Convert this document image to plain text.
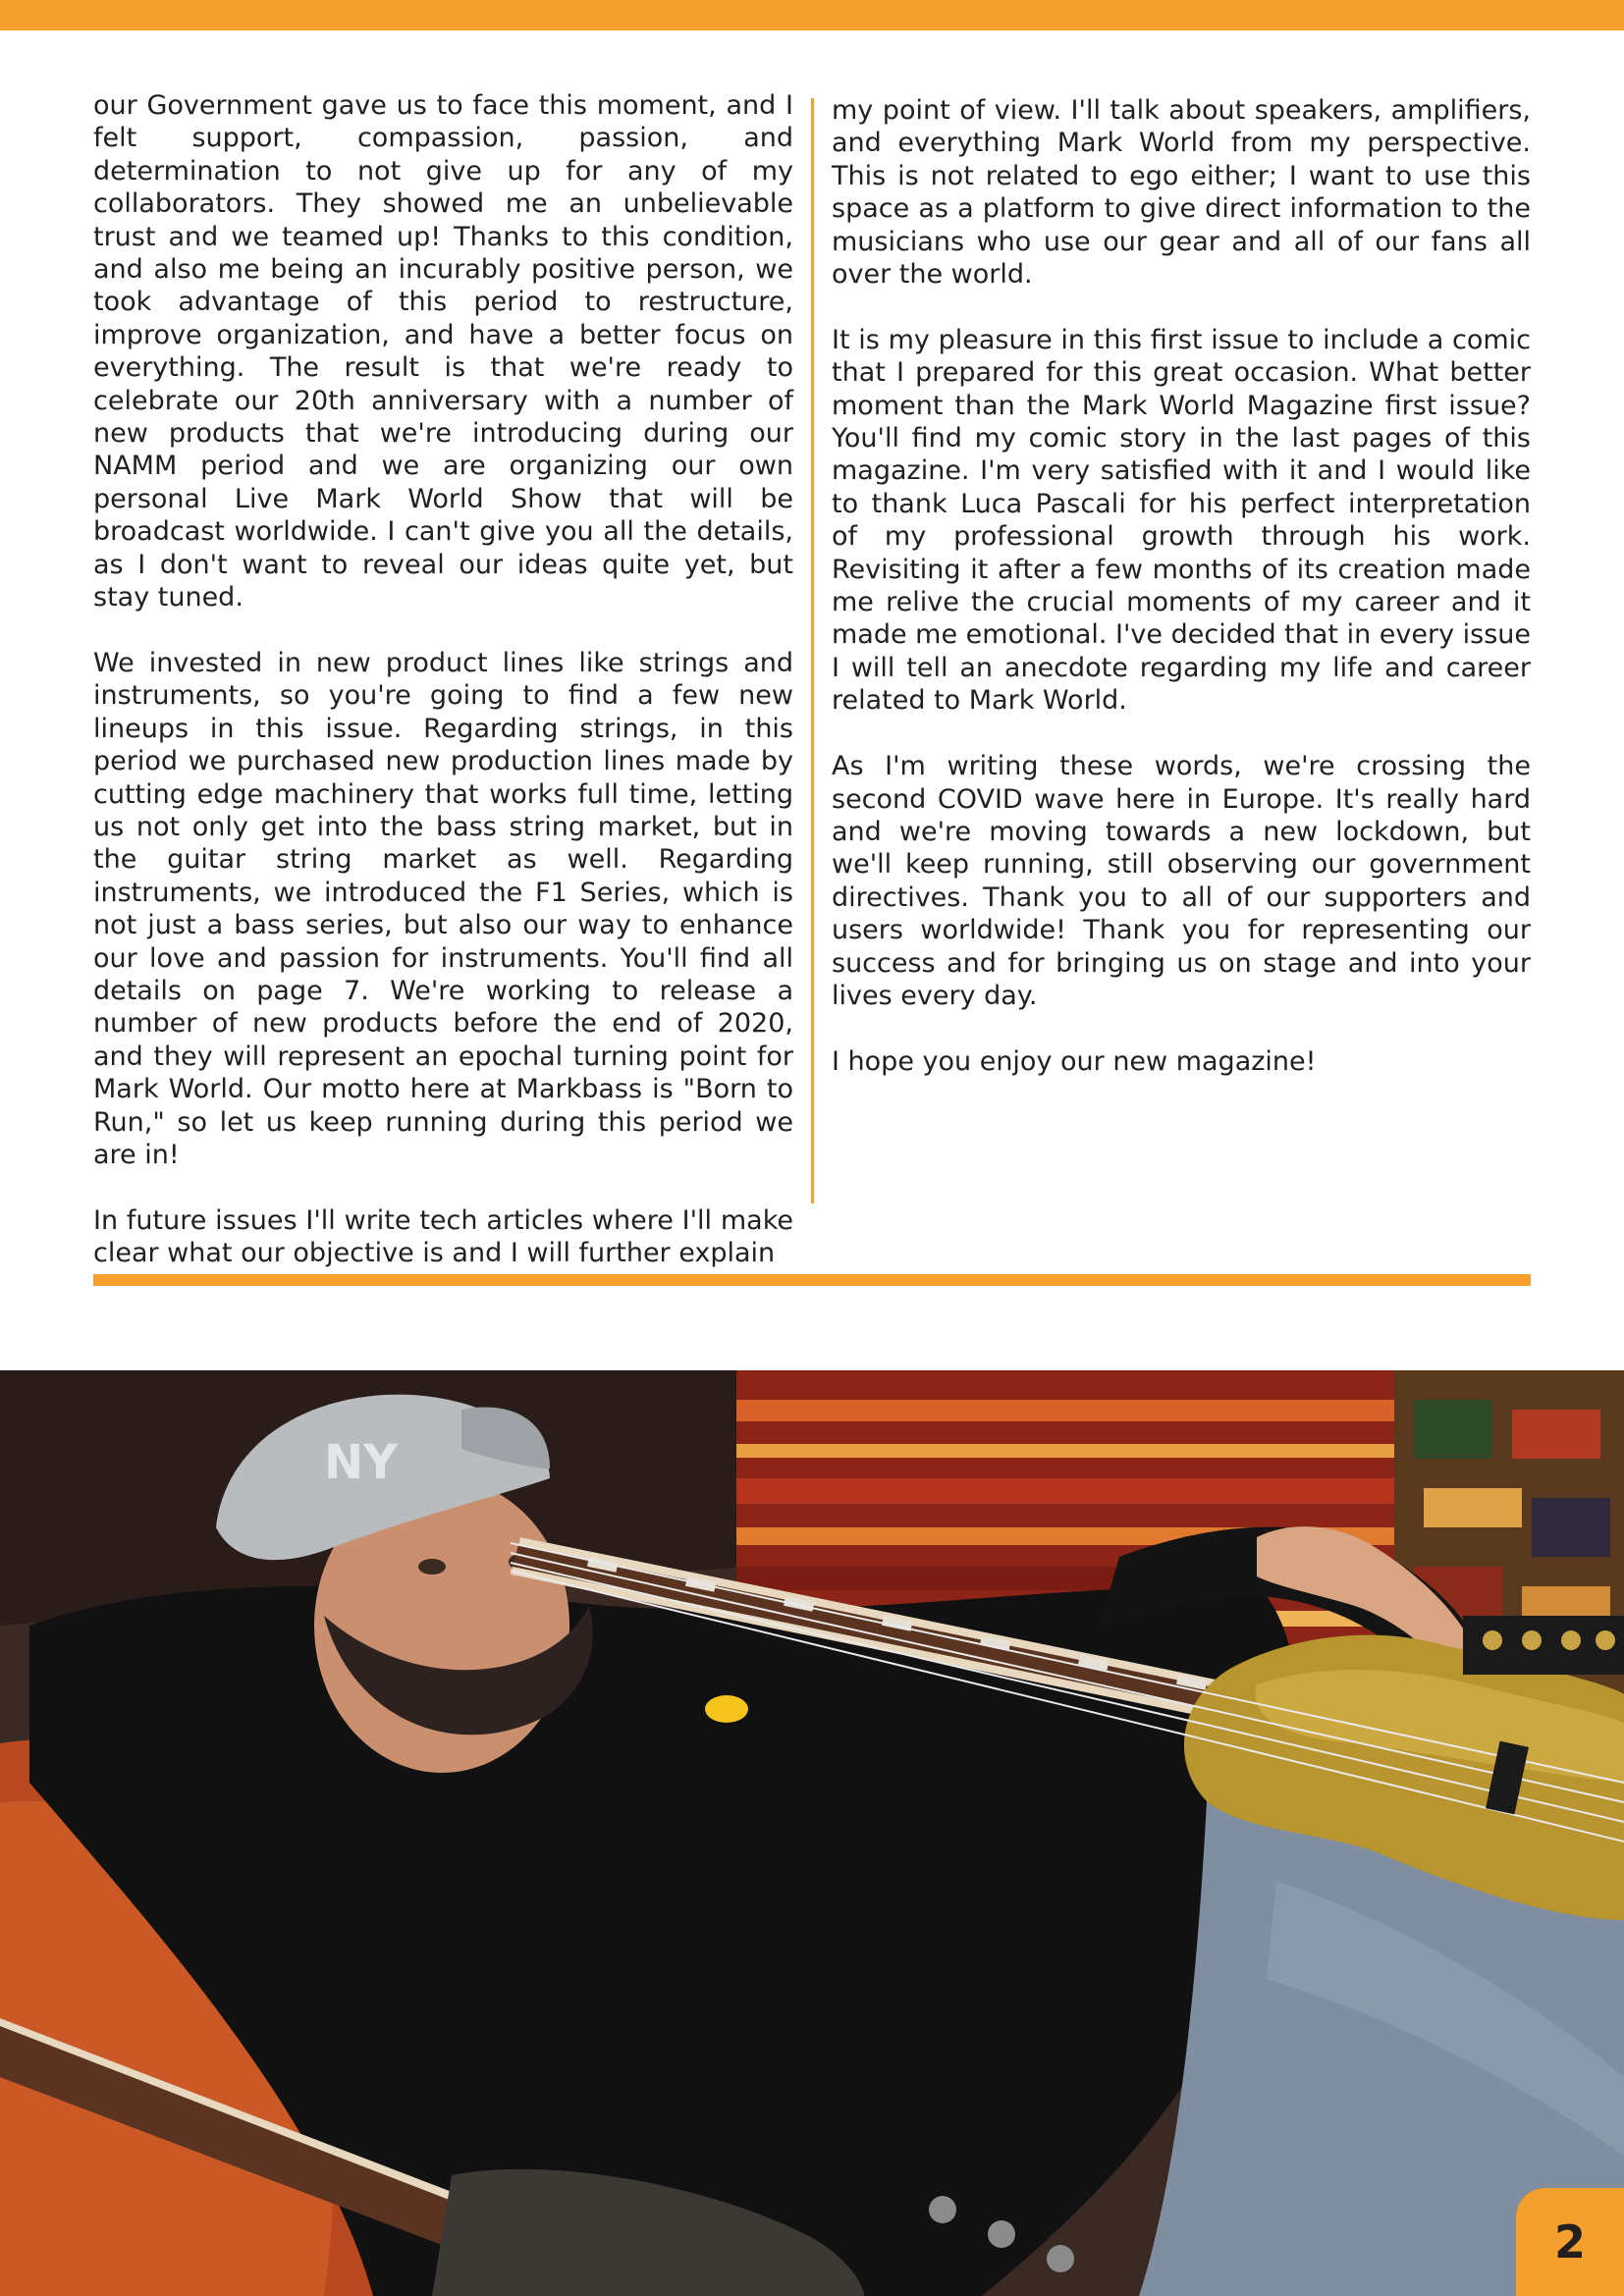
our Government gave us to face this moment, and I felt support, compassion, passion, and determination to not give up for any of my collaborators. They showed me an unbelievable trust and we teamed up! Thanks to this condition, and also me being an incurably positive person, we took advantage of this period to restructure, improve organization, and have a better focus on everything. The result is that we're ready to celebrate our 20th anniversary with a number of new products that we're introducing during our NAMM period and we are organizing our own personal Live Mark World Show that will be broadcast worldwide. I can't give you all the details, as I don't want to reveal our ideas quite yet, but stay tuned.

We invested in new product lines like strings and instruments, so you're going to find a few new lineups in this issue. Regarding strings, in this period we purchased new production lines made by cutting edge machinery that works full time, letting us not only get into the bass string market, but in the guitar string market as well. Regarding instruments, we introduced the F1 Series, which is not just a bass series, but also our way to enhance our love and passion for instruments. You'll find all details on page 7. We're working to release a number of new products before the end of 2020, and they will represent an epochal turning point for Mark World. Our motto here at Markbass is "Born to Run," so let us keep running during this period we are in!

In future issues I'll write tech articles where I'll make clear what our objective is and I will further explain

my point of view. I'll talk about speakers, amplifiers, and everything Mark World from my perspective. This is not related to ego either; I want to use this space as a platform to give direct information to the musicians who use our gear and all of our fans all over the world.

It is my pleasure in this first issue to include a comic that I prepared for this great occasion. What better moment than the Mark World Magazine first issue? You'll find my comic story in the last pages of this magazine. I'm very satisfied with it and I would like to thank Luca Pascali for his perfect interpretation of my professional growth through his work. Revisiting it after a few months of its creation made me relive the crucial moments of my career and it made me emotional. I've decided that in every issue I will tell an anecdote regarding my life and career related to Mark World.

As I'm writing these words, we're crossing the second COVID wave here in Europe. It's really hard and we're moving towards a new lockdown, but we'll keep running, still observing our government directives. Thank you to all of our supporters and users worldwide! Thank you for representing our success and for bringing us on stage and into your lives every day.

I hope you enjoy our new magazine!

NY
2
